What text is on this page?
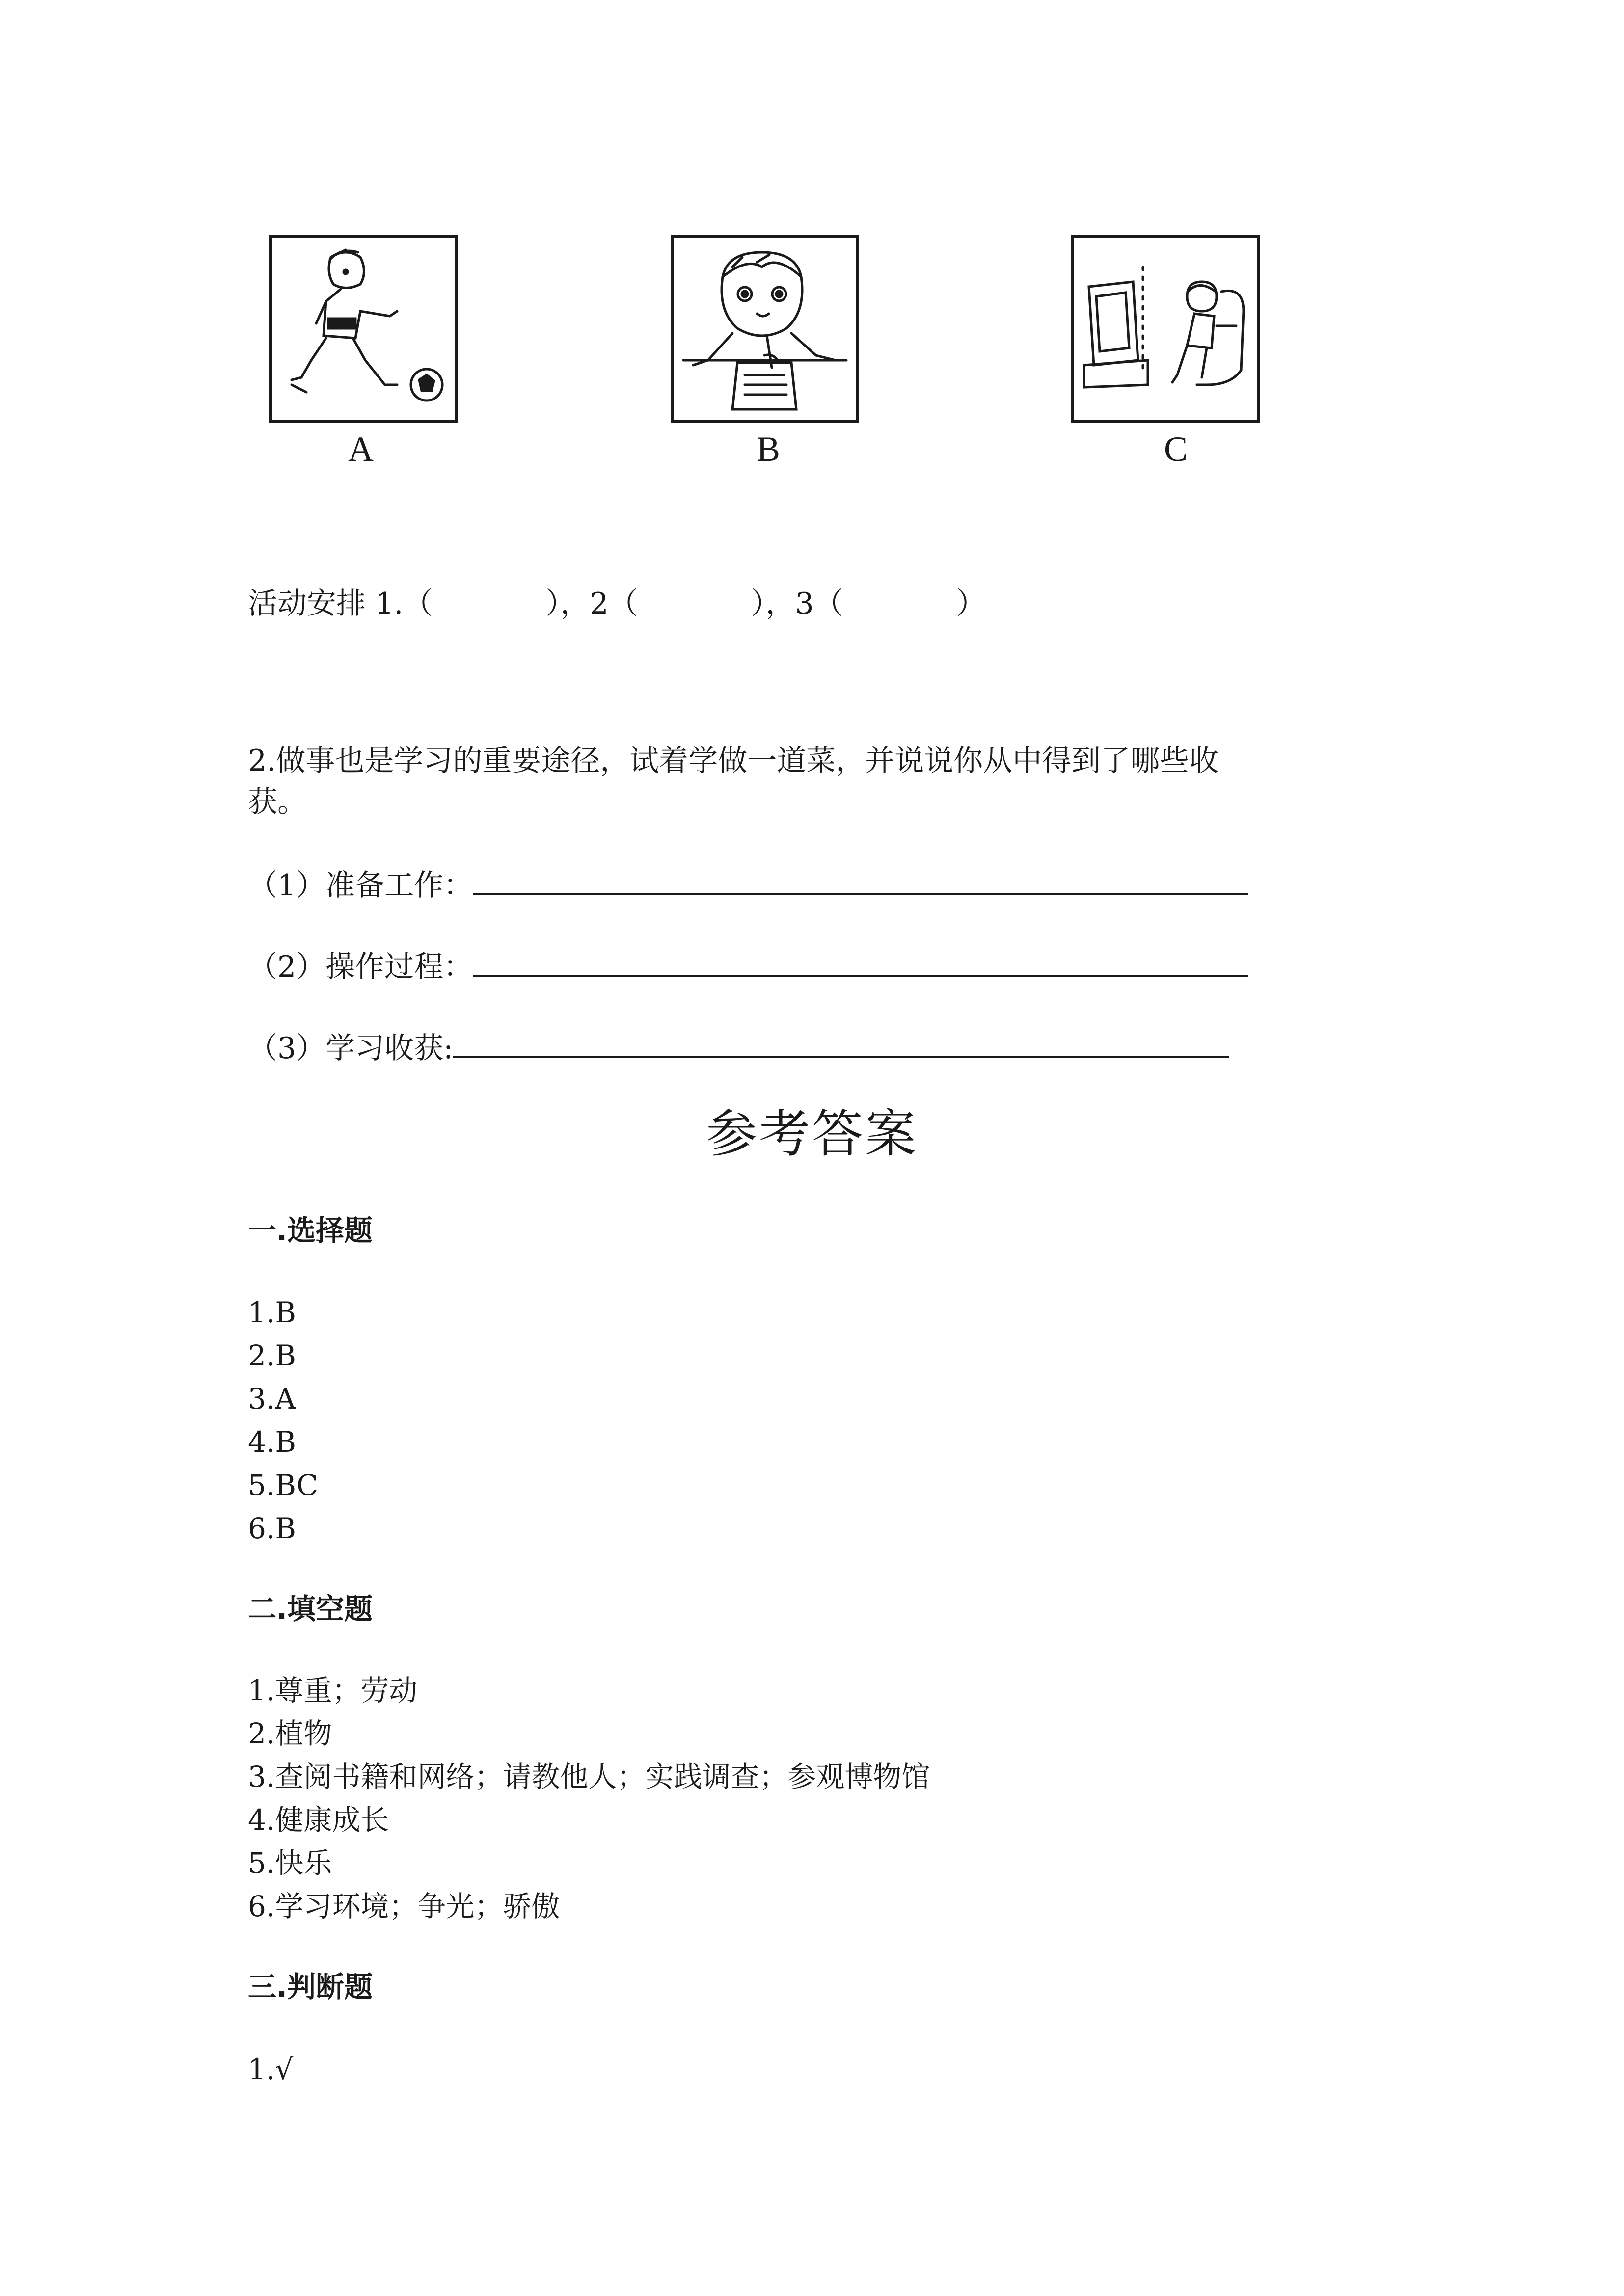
A	B	C
活动安排 1.（	），2（	），3（	）
2.做事也是学习的重要途径，试着学做一道菜，并说说你从中得到了哪些收
获。
（1）准备工作：
（2）操作过程：
（3）学习收获:
参考答案
一.选择题
1.B
2.B
3.A
4.B
5.BC
6.B
二.填空题
1.尊重；劳动
2.植物
3.查阅书籍和网络；请教他人；实践调查；参观博物馆
4.健康成长
5.快乐
6.学习环境；争光；骄傲
三.判断题
1.√
